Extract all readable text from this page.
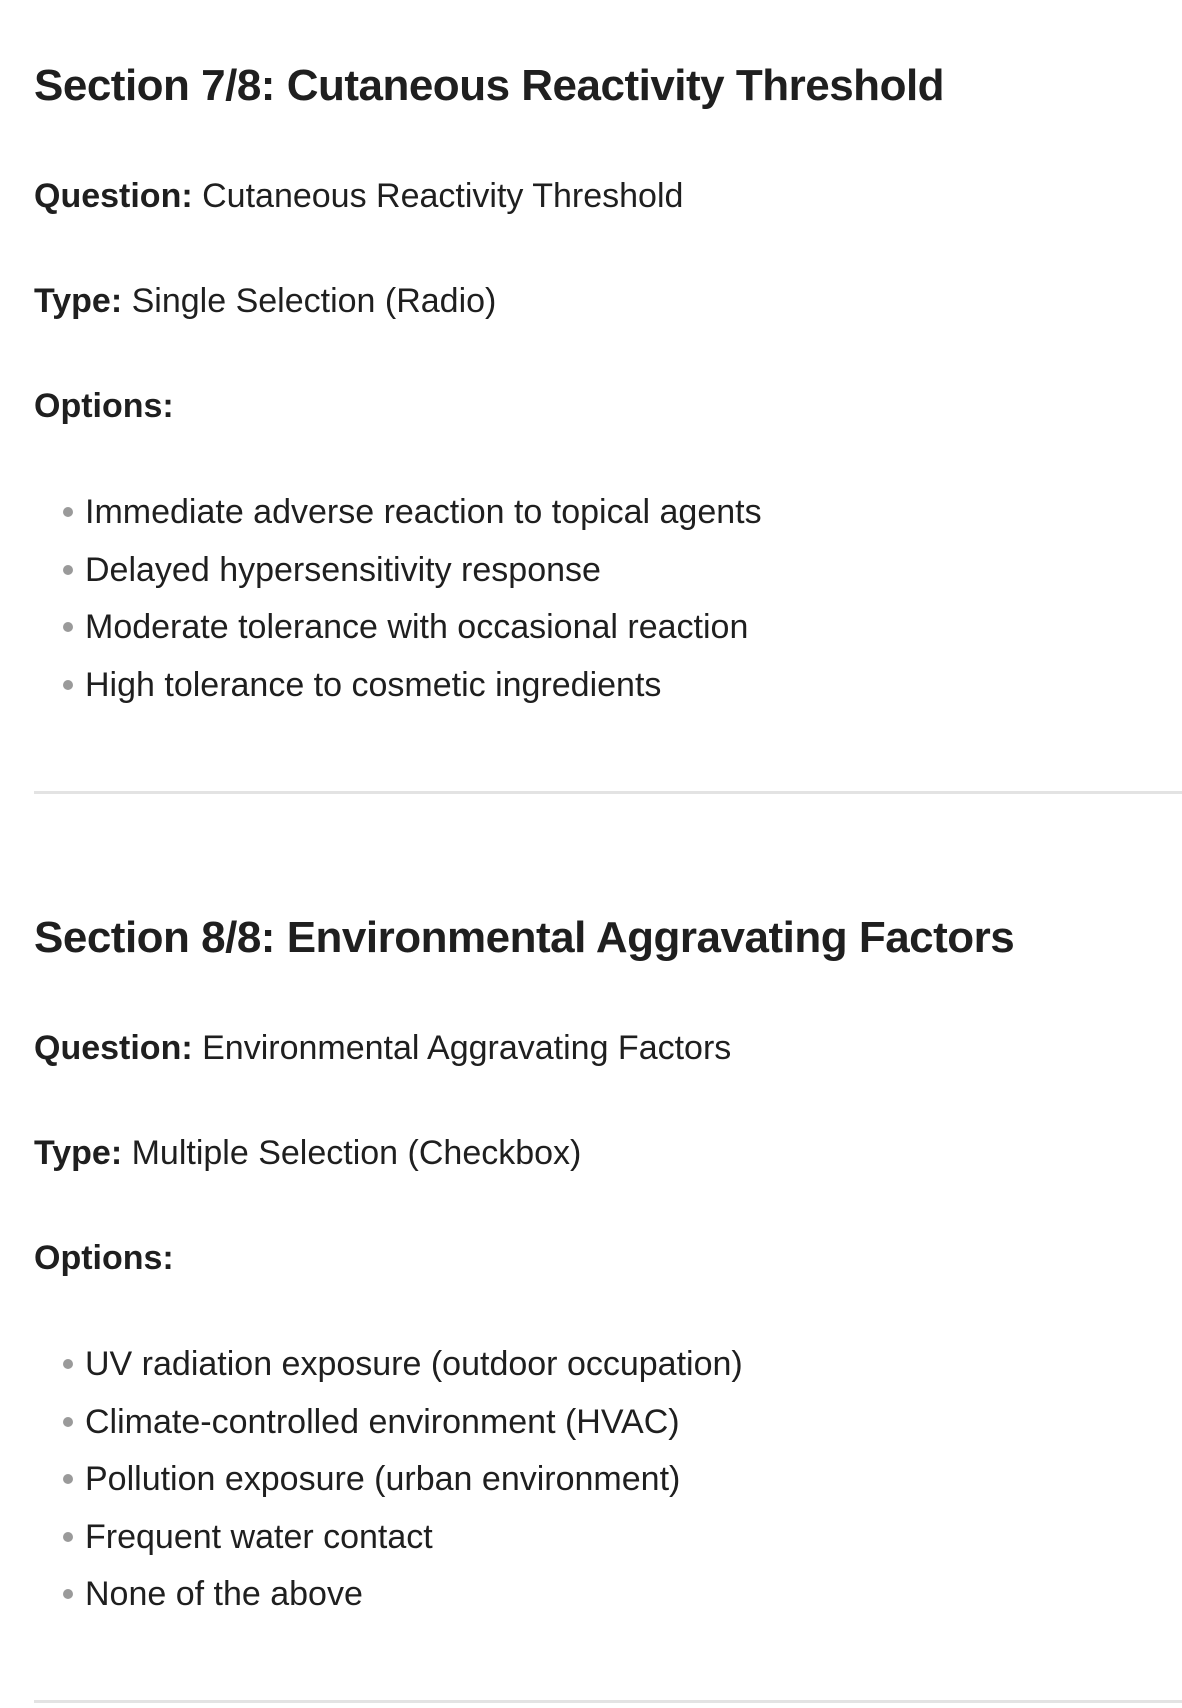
Section 7/8: Cutaneous Reactivity Threshold

Question: Cutaneous Reactivity Threshold

Type: Single Selection (Radio)

Options:

Immediate adverse reaction to topical agents
Delayed hypersensitivity response
Moderate tolerance with occasional reaction
High tolerance to cosmetic ingredients
Section 8/8: Environmental Aggravating Factors

Question: Environmental Aggravating Factors

Type: Multiple Selection (Checkbox)

Options:

UV radiation exposure (outdoor occupation)
Climate-controlled environment (HVAC)
Pollution exposure (urban environment)
Frequent water contact
None of the above
